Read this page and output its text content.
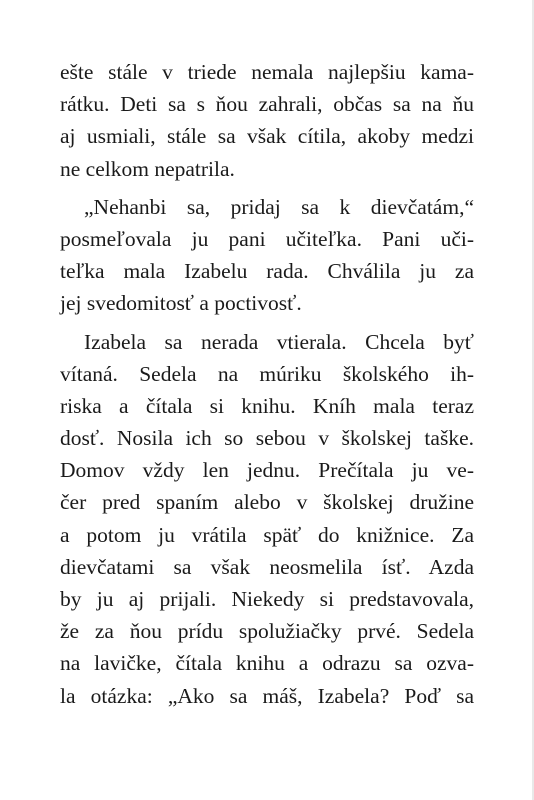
ešte stále v triede nemala najlepšiu kama-
rátku. Deti sa s ňou zahrali, občas sa na ňu
aj usmiali, stále sa však cítila, akoby medzi
ne celkom nepatrila.
„Nehanbi sa, pridaj sa k dievčatám,“
posmeľovala ju pani učiteľka. Pani uči-
teľka mala Izabelu rada. Chválila ju za
jej svedomitosť a poctivosť.
Izabela sa nerada vtierala. Chcela byť
vítaná. Sedela na múriku školského ih-
riska a čítala si knihu. Kníh mala teraz
dosť. Nosila ich so sebou v školskej taške.
Domov vždy len jednu. Prečítala ju ve-
čer pred spaním alebo v školskej družine
a potom ju vrátila späť do knižnice. Za
dievčatami sa však neosmelila ísť. Azda
by ju aj prijali. Niekedy si predstavovala,
že za ňou prídu spolužiačky prvé. Sedela
na lavičke, čítala knihu a odrazu sa ozva-
la otázka: „Ako sa máš, Izabela? Poď sa
